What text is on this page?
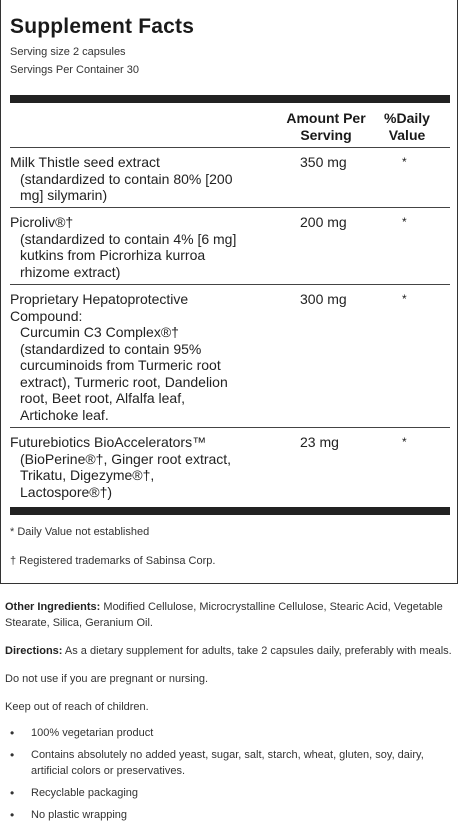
Supplement Facts
Serving size 2 capsules
Servings Per Container 30
Amount Per
Serving
%Daily
Value
Milk Thistle seed extract
(standardized to contain 80% [200
mg] silymarin)
350 mg	*
Picroliv®†
(standardized to contain 4% [6 mg]
kutkins from Picrorhiza kurroa
rhizome extract)
200 mg	*
Proprietary Hepatoprotective
Compound:
Curcumin C3 Complex®†
(standardized to contain 95%
curcuminoids from Turmeric root
extract), Turmeric root, Dandelion
root, Beet root, Alfalfa leaf,
Artichoke leaf.
300 mg	*
Futurebiotics BioAccelerators™
(BioPerine®†, Ginger root extract,
Trikatu, Digezyme®†,
Lactospore®†)
23 mg	*
* Daily Value not established
† Registered trademarks of Sabinsa Corp.
Other Ingredients: Modified Cellulose, Microcrystalline Cellulose, Stearic Acid, Vegetable Stearate, Silica, Geranium Oil.
Directions: As a dietary supplement for adults, take 2 capsules daily, preferably with meals.
Do not use if you are pregnant or nursing.
Keep out of reach of children.
• 100% vegetarian product
• Contains absolutely no added yeast, sugar, salt, starch, wheat, gluten, soy, dairy, artificial colors or preservatives.
• Recyclable packaging
• No plastic wrapping
